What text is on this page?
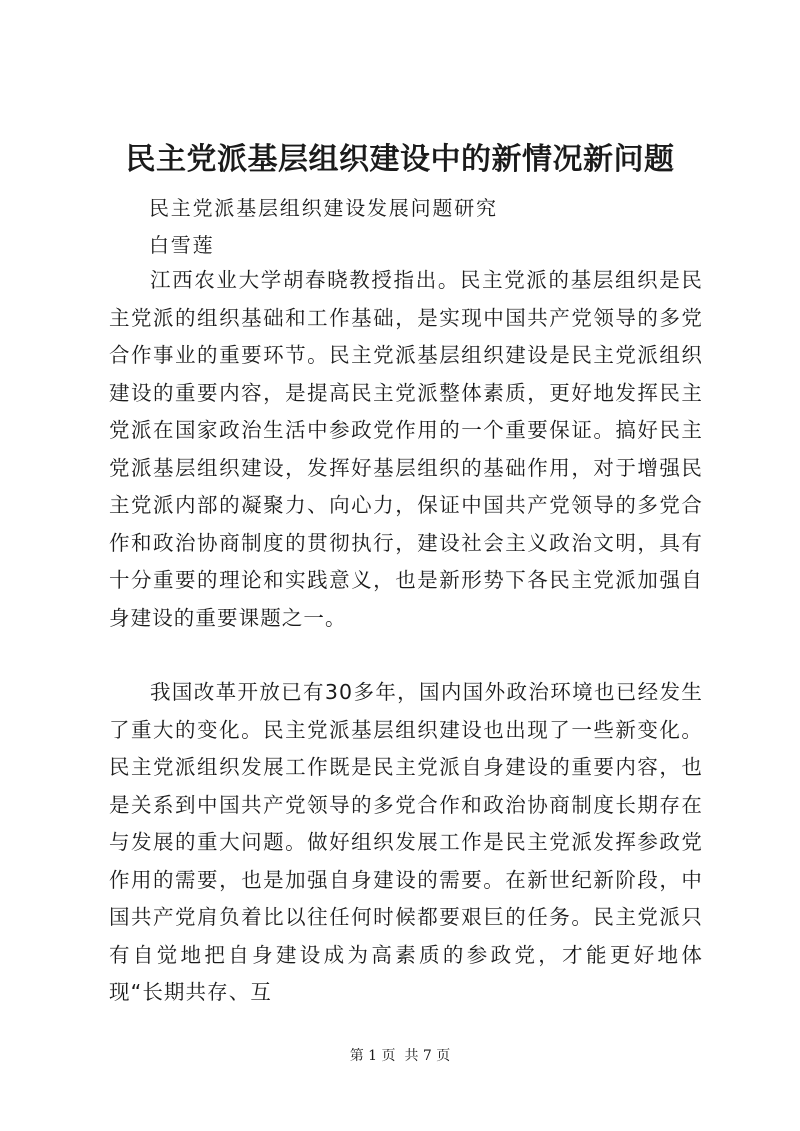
民主党派基层组织建设中的新情况新问题
民主党派基层组织建设发展问题研究
白雪莲
江西农业大学胡春晓教授指出。民主党派的基层组织是民主党派的组织基础和工作基础，是实现中国共产党领导的多党合作事业的重要环节。民主党派基层组织建设是民主党派组织建设的重要内容，是提高民主党派整体素质，更好地发挥民主党派在国家政治生活中参政党作用的一个重要保证。搞好民主党派基层组织建设，发挥好基层组织的基础作用，对于增强民主党派内部的凝聚力、向心力，保证中国共产党领导的多党合作和政治协商制度的贯彻执行，建设社会主义政治文明，具有十分重要的理论和实践意义，也是新形势下各民主党派加强自身建设的重要课题之一。
我国改革开放已有30多年，国内国外政治环境也已经发生了重大的变化。民主党派基层组织建设也出现了一些新变化。民主党派组织发展工作既是民主党派自身建设的重要内容，也是关系到中国共产党领导的多党合作和政治协商制度长期存在与发展的重大问题。做好组织发展工作是民主党派发挥参政党作用的需要，也是加强自身建设的需要。在新世纪新阶段，中国共产党肩负着比以往任何时候都要艰巨的任务。民主党派只有自觉地把自身建设成为高素质的参政党，才能更好地体现“长期共存、互
第 1 页  共 7 页
